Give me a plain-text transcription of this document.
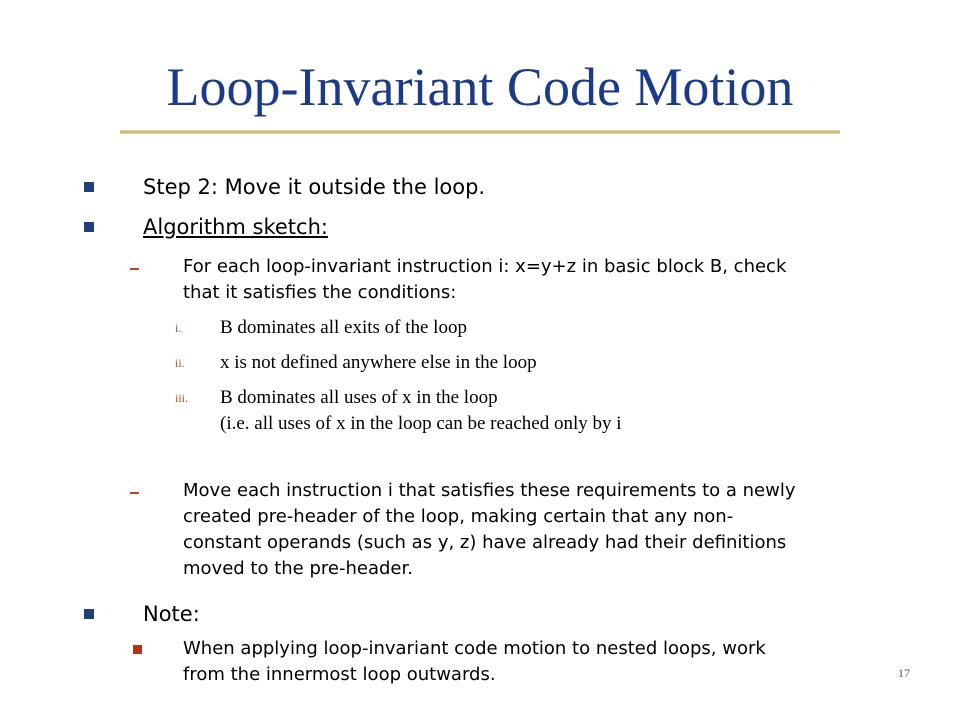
Loop-Invariant Code Motion
Step 2: Move it outside the loop.
Algorithm sketch:
For each loop-invariant instruction i: x=y+z in basic block B, check
that it satisfies the conditions:
i. B dominates all exits of the loop
ii. x is not defined anywhere else in the loop
iii. B dominates all uses of x in the loop
(i.e. all uses of x in the loop can be reached only by i
Move each instruction i that satisfies these requirements to a newly
created pre-header of the loop, making certain that any non-
constant operands (such as y, z) have already had their definitions
moved to the pre-header.
Note:
When applying loop-invariant code motion to nested loops, work
from the innermost loop outwards.	17
